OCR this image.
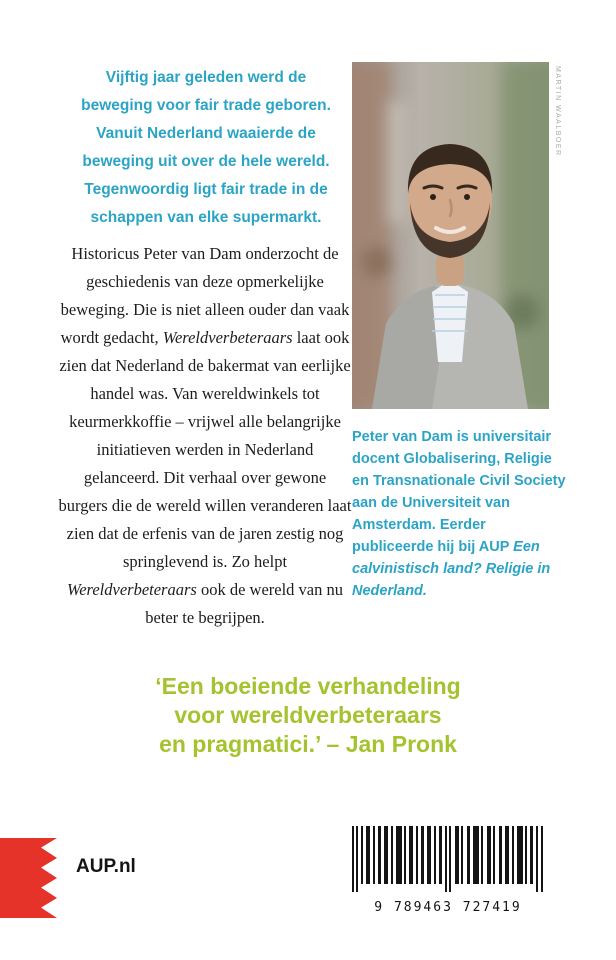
Vijftig jaar geleden werd de
beweging voor fair trade geboren.
Vanuit Nederland waaierde de
beweging uit over de hele wereld.
Tegenwoordig ligt fair trade in de
schappen van elke supermarkt.
MARTIN WAALBOER
Historicus Peter van Dam onderzocht de geschiedenis van deze opmerkelijke beweging. Die is niet alleen ouder dan vaak wordt gedacht, Wereldverbeteraars laat ook zien dat Nederland de bakermat van eerlijke handel was. Van wereldwinkels tot keurmerkkoffie – vrijwel alle belangrijke initiatieven werden in Nederland gelanceerd. Dit verhaal over gewone burgers die de wereld willen veranderen laat zien dat de erfenis van de jaren zestig nog springlevend is. Zo helpt Wereldverbeteraars ook de wereld van nu beter te begrijpen.
Peter van Dam is universitair docent Globalisering, Religie en Transnationale Civil Society aan de Universiteit van Amsterdam. Eerder publiceerde hij bij AUP Een calvinistisch land? Religie in Nederland.
‘Een boeiende verhandeling
voor wereldverbeteraars
en pragmatici.’ – Jan Pronk
AUP.nl
9 789463 727419
